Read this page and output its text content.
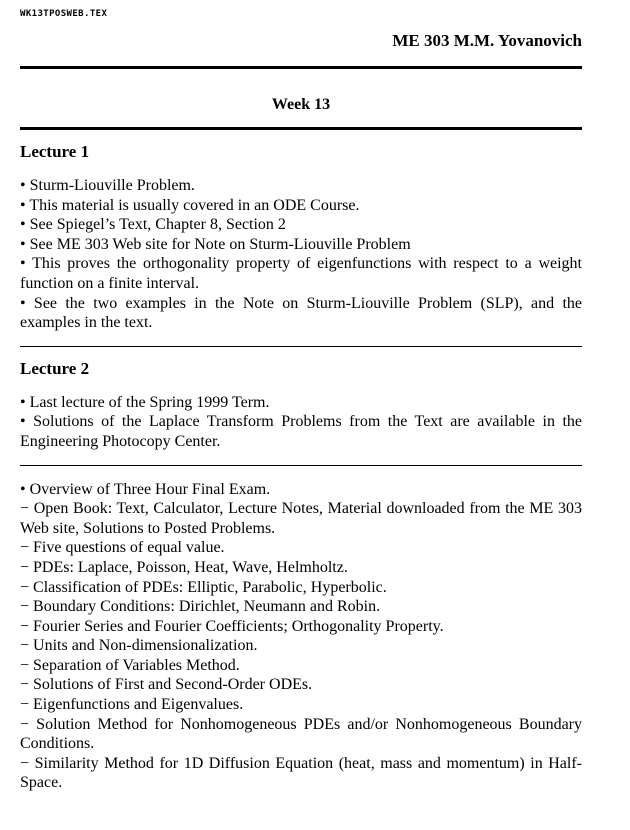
WK13TPOSWEB.TEX
ME 303 M.M. Yovanovich
Week 13
Lecture 1

• Sturm-Liouville Problem.

• This material is usually covered in an ODE Course.

• See Spiegel’s Text, Chapter 8, Section 2

• See ME 303 Web site for Note on Sturm-Liouville Problem

• This proves the orthogonality property of eigenfunctions with respect to a weight function on a finite interval.

• See the two examples in the Note on Sturm-Liouville Problem (SLP), and the examples in the text.

Lecture 2

• Last lecture of the Spring 1999 Term.

• Solutions of the Laplace Transform Problems from the Text are available in the Engineering Photocopy Center.

• Overview of Three Hour Final Exam.

− Open Book: Text, Calculator, Lecture Notes, Material downloaded from the ME 303 Web site, Solutions to Posted Problems.

− Five questions of equal value.

− PDEs: Laplace, Poisson, Heat, Wave, Helmholtz.

− Classification of PDEs: Elliptic, Parabolic, Hyperbolic.

− Boundary Conditions: Dirichlet, Neumann and Robin.

− Fourier Series and Fourier Coefficients; Orthogonality Property.

− Units and Non-dimensionalization.

− Separation of Variables Method.

− Solutions of First and Second-Order ODEs.

− Eigenfunctions and Eigenvalues.

− Solution Method for Nonhomogeneous PDEs and/or Nonhomogeneous Boundary Conditions.

− Similarity Method for 1D Diffusion Equation (heat, mass and momentum) in Half-Space.
